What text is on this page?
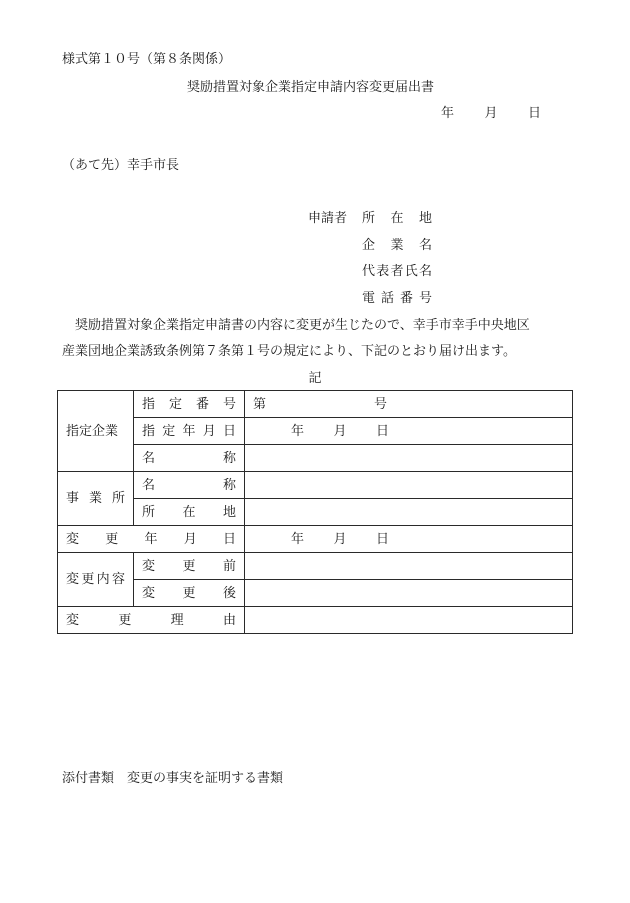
様式第１０号（第８条関係）
奨励措置対象企業指定申請内容変更届出書
年 月 日
（あて先）幸手市長
申請者 所 在 地
企 業 名
代 表 者 氏 名
電 話 番 号
　奨励措置対象企業指定申請書の内容に変更が生じたので、幸手市幸手中央地区
産業団地企業誘致条例第７条第１号の規定により、下記のとおり届け出ます。
記
指定企業	指 定 番 号	第 号

	指 定 年 月 日	年 月 日

	名 称	

事 業 所	名 称	

	所 在 地	

変 更 年 月 日		年 月 日

変 更 内 容	変 更 前	

	変 更 後	

変 更 理 由		

添付書類　変更の事実を証明する書類
